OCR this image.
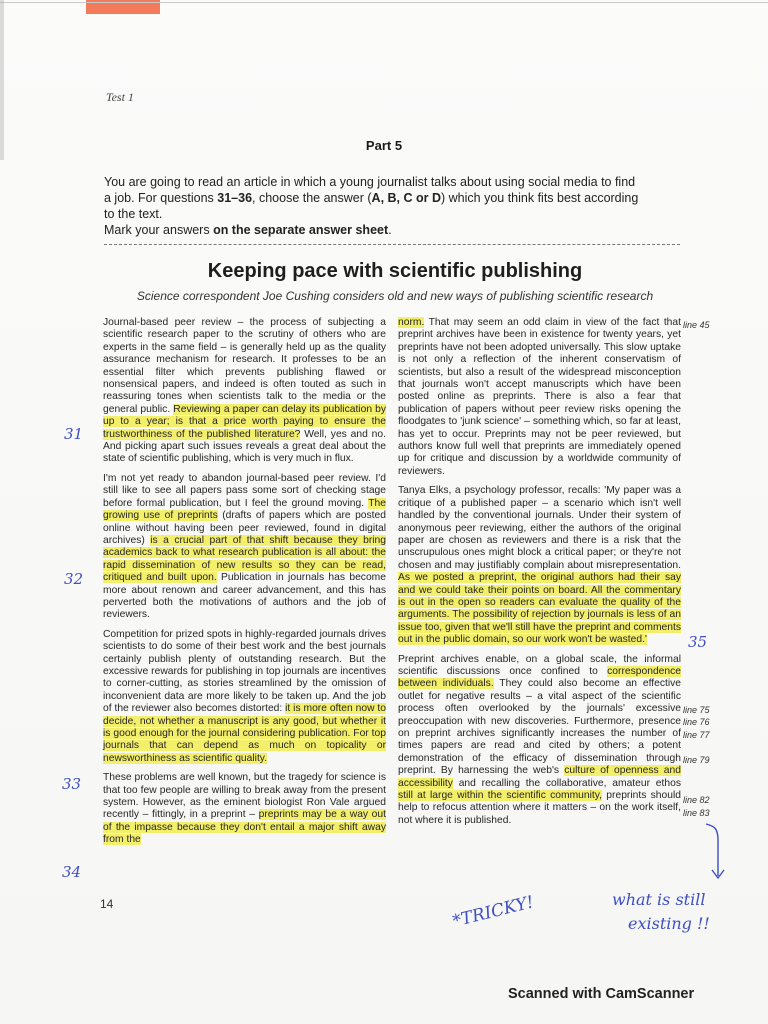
Test 1
Part 5
You are going to read an article in which a young journalist talks about using social media to find
a job. For questions 31–36, choose the answer (A, B, C or D) which you think fits best according
to the text.
Mark your answers on the separate answer sheet.
Keeping pace with scientific publishing
Science correspondent Joe Cushing considers old and new ways of publishing scientific research

Journal-based peer review – the process of subjecting a scientific research paper to the scrutiny of others who are experts in the same field – is generally held up as the quality assurance mechanism for research. It professes to be an essential filter which prevents publishing flawed or nonsensical papers, and indeed is often touted as such in reassuring tones when scientists talk to the media or the general public. Reviewing a paper can delay its publication by up to a year; is that a price worth paying to ensure the trustworthiness of the published literature? Well, yes and no. And picking apart such issues reveals a great deal about the state of scientific publishing, which is very much in flux.

I'm not yet ready to abandon journal-based peer review. I'd still like to see all papers pass some sort of checking stage before formal publication, but I feel the ground moving. The growing use of preprints (drafts of papers which are posted online without having been peer reviewed, found in digital archives) is a crucial part of that shift because they bring academics back to what research publication is all about: the rapid dissemination of new results so they can be read, critiqued and built upon. Publication in journals has become more about renown and career advancement, and this has perverted both the motivations of authors and the job of reviewers.

Competition for prized spots in highly-regarded journals drives scientists to do some of their best work and the best journals certainly publish plenty of outstanding research. But the excessive rewards for publishing in top journals are incentives to corner-cutting, as stories streamlined by the omission of inconvenient data are more likely to be taken up. And the job of the reviewer also becomes distorted: it is more often now to decide, not whether a manuscript is any good, but whether it is good enough for the journal considering publication. For top journals that can depend as much on topicality or newsworthiness as scientific quality.

These problems are well known, but the tragedy for science is that too few people are willing to break away from the present system. However, as the eminent biologist Ron Vale argued recently – fittingly, in a preprint – preprints may be a way out of the impasse because they don't entail a major shift away from the

norm. That may seem an odd claim in view of the fact that preprint archives have been in existence for twenty years, yet preprints have not been adopted universally. This slow uptake is not only a reflection of the inherent conservatism of scientists, but also a result of the widespread misconception that journals won't accept manuscripts which have been posted online as preprints. There is also a fear that publication of papers without peer review risks opening the floodgates to 'junk science' – something which, so far at least, has yet to occur. Preprints may not be peer reviewed, but authors know full well that preprints are immediately opened up for critique and discussion by a worldwide community of reviewers.

Tanya Elks, a psychology professor, recalls: 'My paper was a critique of a published paper – a scenario which isn't well handled by the conventional journals. Under their system of anonymous peer reviewing, either the authors of the original paper are chosen as reviewers and there is a risk that the unscrupulous ones might block a critical paper; or they're not chosen and may justifiably complain about misrepresentation. As we posted a preprint, the original authors had their say and we could take their points on board. All the commentary is out in the open so readers can evaluate the quality of the arguments. The possibility of rejection by journals is less of an issue too, given that we'll still have the preprint and comments out in the public domain, so our work won't be wasted.'

Preprint archives enable, on a global scale, the informal scientific discussions once confined to correspondence between individuals. They could also become an effective outlet for negative results – a vital aspect of the scientific process often overlooked by the journals' excessive preoccupation with new discoveries. Furthermore, presence on preprint archives significantly increases the number of times papers are read and cited by others; a potent demonstration of the efficacy of dissemination through preprint. By harnessing the web's culture of openness and accessibility and recalling the collaborative, amateur ethos still at large within the scientific community, preprints should help to refocus attention where it matters – on the work itself, not where it is published.

line 45
line 75
line 76
line 77
line 79
line 82
line 83
14
31
32
33
34
35
*TRICKY!	what is still
existing !!
Scanned with CamScanner
